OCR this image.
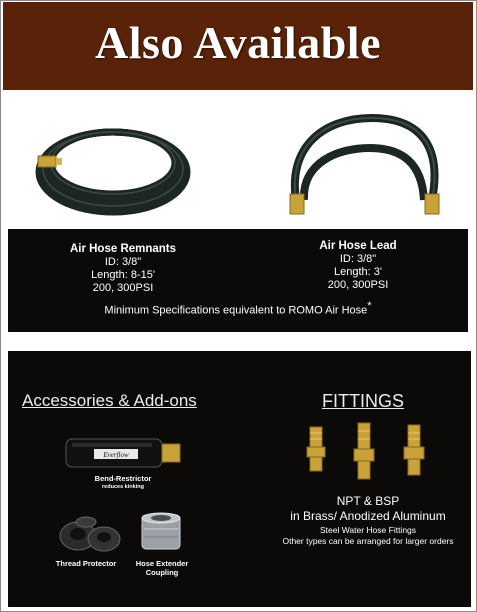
Also Available
Air Hose Remnants
ID: 3/8"
Length: 8-15'
200, 300PSI
Air Hose Lead
ID: 3/8"
Length: 3'
200, 300PSI
Minimum Specifications equivalent to ROMO Air Hose*
Accessories & Add-ons	FITTINGS
Everflow
Bend-Restrictor
reduces kinking
Thread Protector	Hose Extender
Coupling
NPT & BSP
in Brass/ Anodized Aluminum
Steel Water Hose Fittings
Other types can be arranged for larger orders
